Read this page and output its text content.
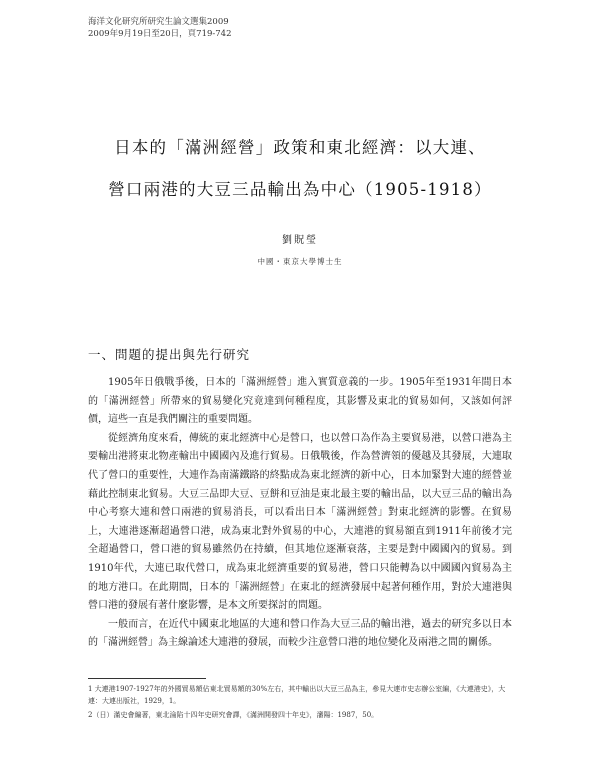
海洋文化研究所研究生論文選集2009
2009年9月19日至20日，頁719-742
日本的「滿洲經營」政策和東北經濟：以大連、
營口兩港的大豆三品輸出為中心（1905-1918）
劉貺瑩
中國・東京大學博士生
一、問題的提出與先行研究

1905年日俄戰爭後，日本的「滿洲經營」進入實質意義的一步。1905年至1931年間日本的「滿洲經營」所帶來的貿易變化究竟達到何種程度，其影響及東北的貿易如何，又該如何評價，這些一直是我們關注的重要問題。

從經濟角度來看，傳統的東北經濟中心是營口，也以營口為作為主要貿易港，以營口港為主要輸出港將東北物產輸出中國國內及進行貿易。日俄戰後，作為營濟領的優越及其發展，大連取代了營口的重要性，大連作為南滿鐵路的終點成為東北經濟的新中心，日本加緊對大連的經營並藉此控制東北貿易。大豆三品即大豆、豆餅和豆油是東北最主要的輸出品，以大豆三品的輸出為中心考察大連和營口兩港的貿易消長，可以看出日本「滿洲經營」對東北經濟的影響。在貿易上，大連港逐漸超過營口港，成為東北對外貿易的中心，大連港的貿易額直到1911年前後才完全超過營口，營口港的貿易雖然仍在持續，但其地位逐漸衰落，主要是對中國國內的貿易。到1910年代，大連已取代營口，成為東北經濟重要的貿易港，營口只能轉為以中國國內貿易為主的地方港口。在此期間，日本的「滿洲經營」在東北的經濟發展中起著何種作用，對於大連港與營口港的發展有著什麼影響，是本文所要探討的問題。

一般而言，在近代中國東北地區的大連和營口作為大豆三品的輸出港，過去的研究多以日本的「滿洲經營」為主線論述大連港的發展，而較少注意營口港的地位變化及兩港之間的關係。

1 大連港1907-1927年的外國貿易額佔東北貿易額的30%左右，其中輸出以大豆三品為主，參見大連市史志辦公室編，《大連港史》，大連：大連出版社，1929，1。
2（日）滿史會編著，東北淪陷十四年史研究會譯，《滿洲開發四十年史》，瀋陽：1987，50。
